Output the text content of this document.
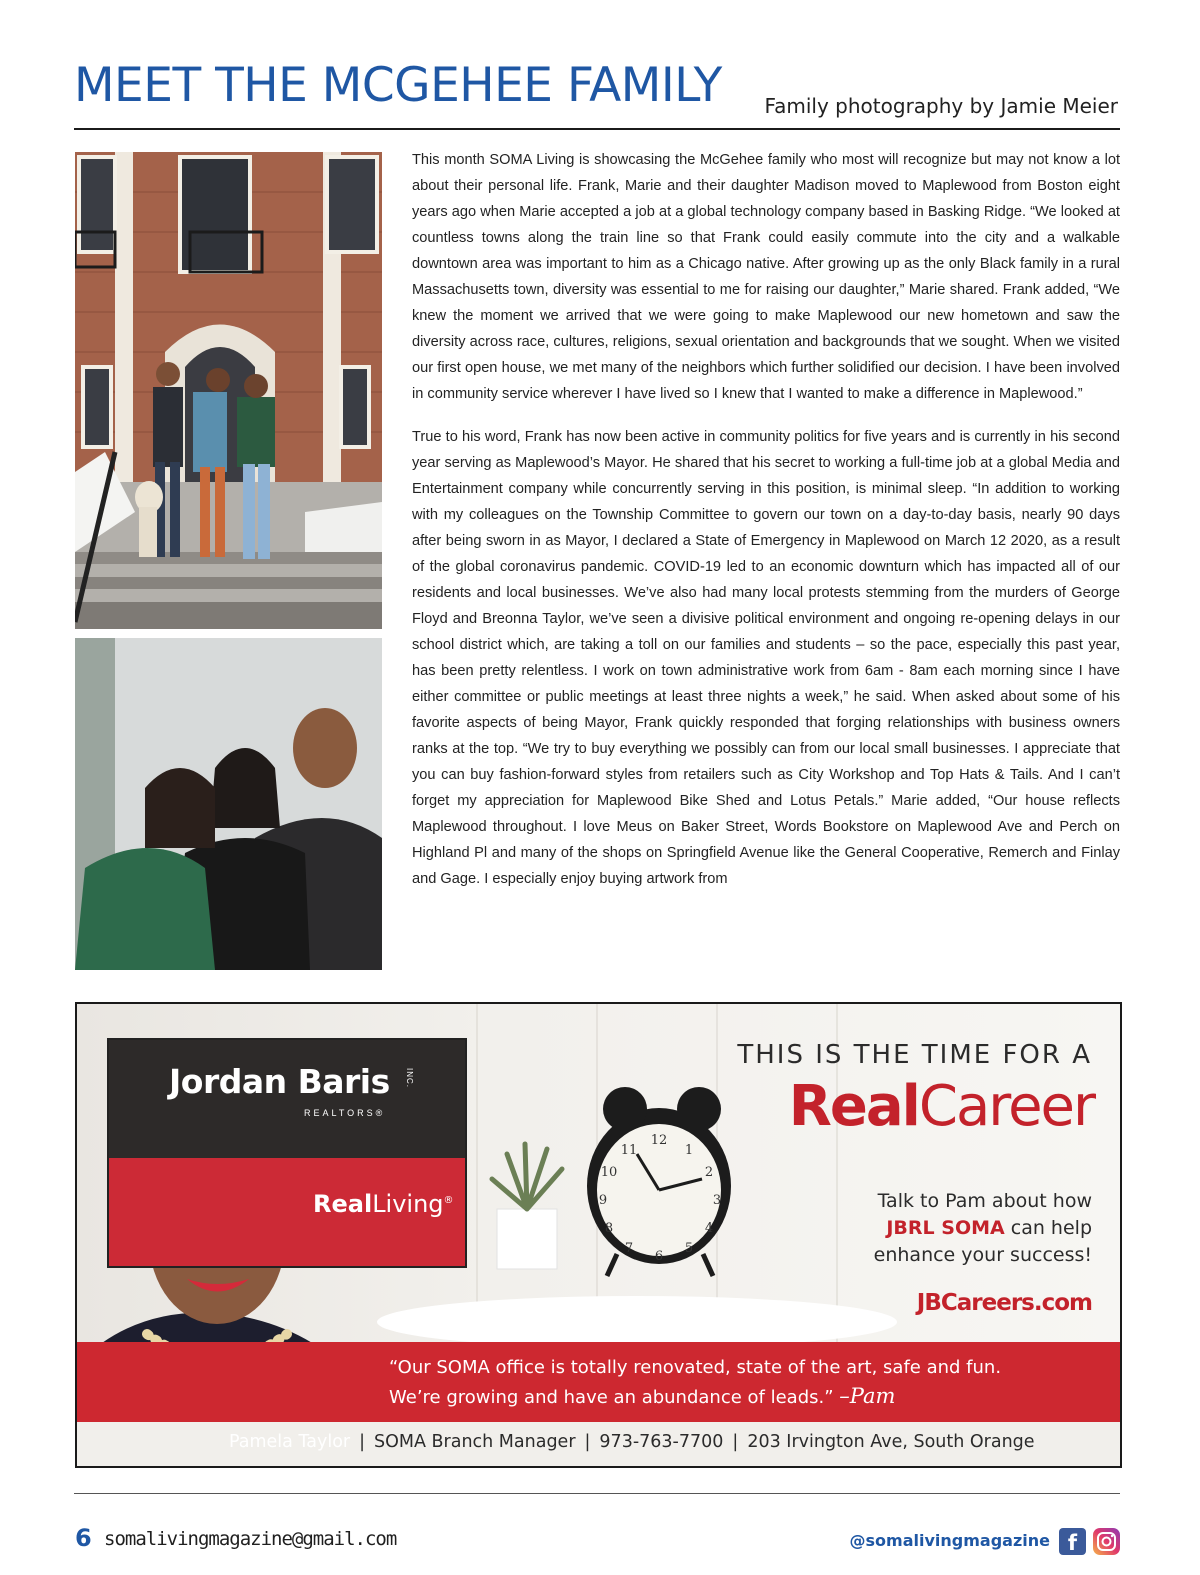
MEET THE MCGEHEE FAMILY Family photography by Jamie Meier

This month SOMA Living is showcasing the McGehee family who most will recognize but may not know a lot about their personal life. Frank, Marie and their daughter Madison moved to Maplewood from Boston eight years ago when Marie accepted a job at a global technology company based in Basking Ridge. “We looked at countless towns along the train line so that Frank could easily commute into the city and a walkable downtown area was important to him as a Chicago native. After growing up as the only Black family in a rural Massachusetts town, diversity was essential to me for raising our daughter,” Marie shared. Frank added, “We knew the moment we arrived that we were going to make Maplewood our new hometown and saw the diversity across race, cultures, religions, sexual orientation and backgrounds that we sought. When we visited our first open house, we met many of the neighbors which further solidified our decision. I have been involved in community service wherever I have lived so I knew that I wanted to make a difference in Maplewood.”

True to his word, Frank has now been active in community politics for five years and is currently in his second year serving as Maplewood’s Mayor. He shared that his secret to working a full-time job at a global Media and Entertainment company while concurrently serving in this position, is minimal sleep. “In addition to working with my colleagues on the Township Committee to govern our town on a day-to-day basis, nearly 90 days after being sworn in as Mayor, I declared a State of Emergency in Maplewood on March 12 2020, as a result of the global coronavirus pandemic. COVID-19 led to an economic downturn which has impacted all of our residents and local businesses. We’ve also had many local protests stemming from the murders of George Floyd and Breonna Taylor, we’ve seen a divisive political environment and ongoing re-opening delays in our school district which, are taking a toll on our families and students – so the pace, especially this past year, has been pretty relentless. I work on town administrative work from 6am - 8am each morning since I have either committee or public meetings at least three nights a week,” he said. When asked about some of his favorite aspects of being Mayor, Frank quickly responded that forging relationships with business owners ranks at the top. “We try to buy everything we possibly can from our local small businesses. I appreciate that you can buy fashion-forward styles from retailers such as City Workshop and Top Hats & Tails. And I can’t forget my appreciation for Maplewood Bike Shed and Lotus Petals.” Marie added, “Our house reflects Maplewood throughout. I love Meus on Baker Street, Words Bookstore on Maplewood Ave and Perch on Highland Pl and many of the shops on Springfield Avenue like the General Cooperative, Remerch and Finlay and Gage. I especially enjoy buying artwork from

12
1
2
3
4
5
6
7
8
9
10
11
Jordan Baris INC.
REALTORS®
RealLiving®
THIS IS THE TIME FOR A
RealCareer
Talk to Pam about how
JBRL SOMA can help
enhance your success!
JBCareers.com
“Our SOMA office is totally renovated, state of the art, safe and fun.
We’re growing and have an abundance of leads.” –Pam
Pamela Taylor | SOMA Branch Manager | 973-763-7700 | 203 Irvington Ave, South Orange
6 somalivingmagazine@gmail.com	@somalivingmagazine f
